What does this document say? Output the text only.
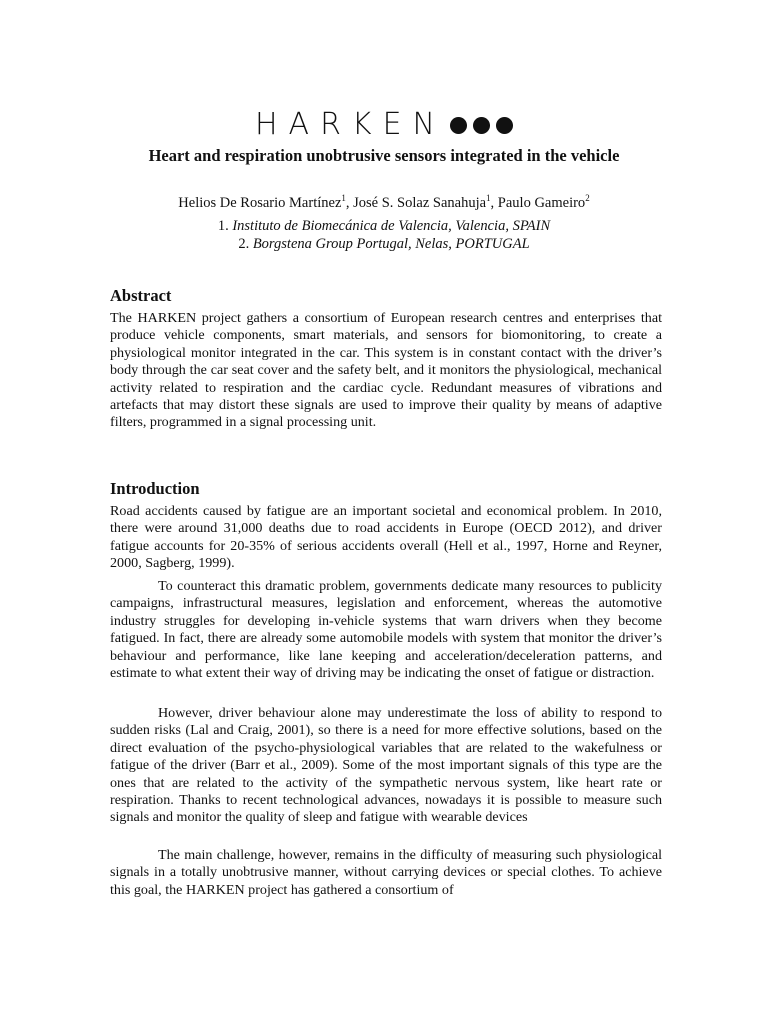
HARKEN
Heart and respiration unobtrusive sensors integrated in the vehicle
Helios De Rosario Martínez$^1$, José S. Solaz Sanahuja$^1$, Paulo Gameiro$^2$
1. Instituto de Biomecánica de Valencia, Valencia, SPAIN
2. Borgstena Group Portugal, Nelas, PORTUGAL
Abstract

The HARKEN project gathers a consortium of European research centres and enterprises that produce vehicle components, smart materials, and sensors for biomonitoring, to create a physiological monitor integrated in the car. This system is in constant contact with the driver’s body through the car seat cover and the safety belt, and it monitors the physiological, mechanical activity related to respiration and the cardiac cycle. Redundant measures of vibrations and artefacts that may distort these signals are used to improve their quality by means of adaptive filters, programmed in a signal processing unit.

Introduction

Road accidents caused by fatigue are an important societal and economical problem. In 2010, there were around 31,000 deaths due to road accidents in Europe (OECD 2012), and driver fatigue accounts for 20-35% of serious accidents overall (Hell et al., 1997, Horne and Reyner, 2000, Sagberg, 1999).

To counteract this dramatic problem, governments dedicate many resources to publicity campaigns, infrastructural measures, legislation and enforcement, whereas the automotive industry struggles for developing in-vehicle systems that warn drivers when they become fatigued. In fact, there are already some automobile models with system that monitor the driver’s behaviour and performance, like lane keeping and acceleration/deceleration patterns, and estimate to what extent their way of driving may be indicating the onset of fatigue or distraction.

However, driver behaviour alone may underestimate the loss of ability to respond to sudden risks (Lal and Craig, 2001), so there is a need for more effective solutions, based on the direct evaluation of the psycho-physiological variables that are related to the wakefulness or fatigue of the driver (Barr et al., 2009). Some of the most important signals of this type are the ones that are related to the activity of the sympathetic nervous system, like heart rate or respiration. Thanks to recent technological advances, nowadays it is possible to measure such signals and monitor the quality of sleep and fatigue with wearable devices

The main challenge, however, remains in the difficulty of measuring such physiological signals in a totally unobtrusive manner, without carrying devices or special clothes. To achieve this goal, the HARKEN project has gathered a consortium of
